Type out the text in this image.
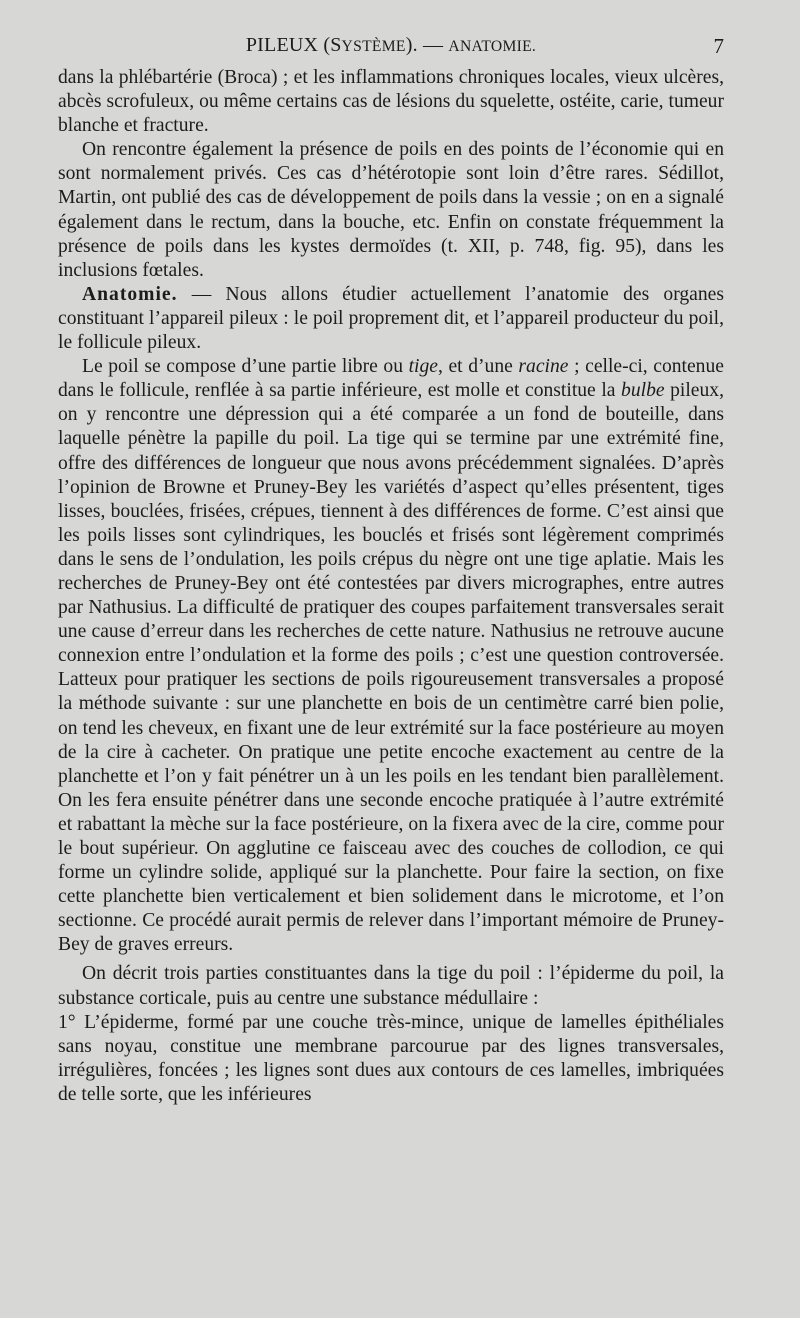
PILEUX (SYSTÈME). — ANATOMIE.	7

dans la phlébartérie (Broca) ; et les inflammations chroniques locales, vieux ulcères, abcès scrofuleux, ou même certains cas de lésions du squelette, ostéite, carie, tumeur blanche et fracture.

On rencontre également la présence de poils en des points de l’économie qui en sont normalement privés. Ces cas d’hétérotopie sont loin d’être rares. Sédillot, Martin, ont publié des cas de développement de poils dans la vessie ; on en a signalé également dans le rectum, dans la bouche, etc. Enfin on constate fréquemment la présence de poils dans les kystes dermoïdes (t. XII, p. 748, fig. 95), dans les inclusions fœtales.

Anatomie. — Nous allons étudier actuellement l’anatomie des organes constituant l’appareil pileux : le poil proprement dit, et l’appareil producteur du poil, le follicule pileux.

Le poil se compose d’une partie libre ou tige, et d’une racine ; celle-ci, contenue dans le follicule, renflée à sa partie inférieure, est molle et constitue la bulbe pileux, on y rencontre une dépression qui a été comparée a un fond de bouteille, dans laquelle pénètre la papille du poil. La tige qui se termine par une extrémité fine, offre des différences de longueur que nous avons précédemment signalées. D’après l’opinion de Browne et Pruney-Bey les variétés d’aspect qu’elles présentent, tiges lisses, bouclées, frisées, crépues, tiennent à des différences de forme. C’est ainsi que les poils lisses sont cylindriques, les bouclés et frisés sont légèrement comprimés dans le sens de l’ondulation, les poils crépus du nègre ont une tige aplatie. Mais les recherches de Pruney-Bey ont été contestées par divers micrographes, entre autres par Nathusius. La difficulté de pratiquer des coupes parfaitement transversales serait une cause d’erreur dans les recherches de cette nature. Nathusius ne retrouve aucune connexion entre l’ondulation et la forme des poils ; c’est une question controversée. Latteux pour pratiquer les sections de poils rigoureusement transversales a proposé la méthode suivante : sur une planchette en bois de un centimètre carré bien polie, on tend les cheveux, en fixant une de leur extrémité sur la face postérieure au moyen de la cire à cacheter. On pratique une petite encoche exactement au centre de la planchette et l’on y fait pénétrer un à un les poils en les tendant bien parallèlement. On les fera ensuite pénétrer dans une seconde encoche pratiquée à l’autre extrémité et rabattant la mèche sur la face postérieure, on la fixera avec de la cire, comme pour le bout supérieur. On agglutine ce faisceau avec des couches de collodion, ce qui forme un cylindre solide, appliqué sur la planchette. Pour faire la section, on fixe cette planchette bien verticalement et bien solidement dans le microtome, et l’on sectionne. Ce procédé aurait permis de relever dans l’important mémoire de Pruney-Bey de graves erreurs.

On décrit trois parties constituantes dans la tige du poil : l’épiderme du poil, la substance corticale, puis au centre une substance médullaire :

1° L’épiderme, formé par une couche très-mince, unique de lamelles épithéliales sans noyau, constitue une membrane parcourue par des lignes transversales, irrégulières, foncées ; les lignes sont dues aux contours de ces lamelles, imbriquées de telle sorte, que les inférieures
